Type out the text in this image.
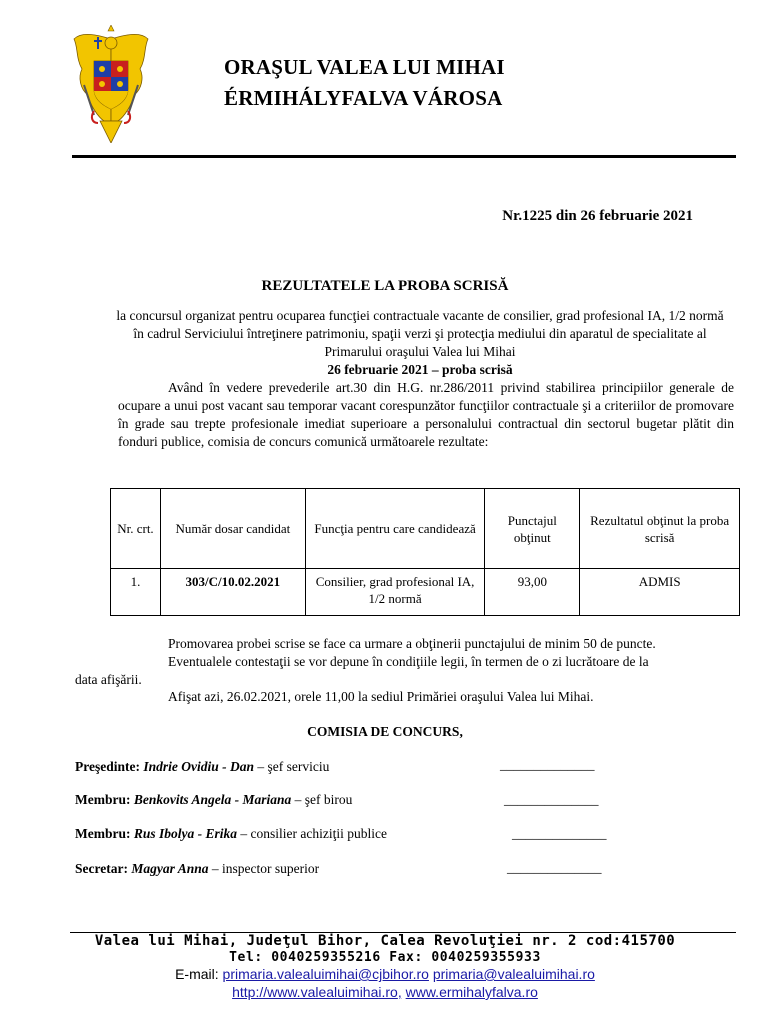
ORAŞUL VALEA LUI MIHAI
ÉRMIHÁLYFALVA VÁROSA
Nr.1225 din 26 februarie 2021
REZULTATELE LA PROBA SCRISĂ
la concursul organizat pentru ocuparea funcţiei contractuale vacante de consilier, grad profesional IA, 1/2 normă în cadrul Serviciului întreţinere patrimoniu, spaţii verzi şi protecţia mediului din aparatul de specialitate al Primarului oraşului Valea lui Mihai
26 februarie 2021 – proba scrisă
Având în vedere prevederile art.30 din H.G. nr.286/2011 privind stabilirea principiilor generale de ocupare a unui post vacant sau temporar vacant corespunzător funcţiilor contractuale şi a criteriilor de promovare în grade sau trepte profesionale imediat superioare a personalului contractual din sectorul bugetar plătit din fonduri publice, comisia de concurs comunică următoarele rezultate:
Nr. crt.	Număr dosar candidat	Funcţia pentru care candidează	Punctajul obţinut	Rezultatul obţinut la proba scrisă
1.	303/C/10.02.2021	Consilier, grad profesional IA, 1/2 normă	93,00	ADMIS
Promovarea probei scrise se face ca urmare a obţinerii punctajului de minim 50 de puncte.
Eventualele contestaţii se vor depune în condiţiile legii, în termen de o zi lucrătoare de la
data afişării.
Afişat azi, 26.02.2021, orele 11,00 la sediul Primăriei oraşului Valea lui Mihai.
COMISIA DE CONCURS,
Preşedinte: Indrie Ovidiu - Dan – şef serviciu	______________
Membru: Benkovits Angela - Mariana – şef birou	______________
Membru: Rus Ibolya - Erika – consilier achiziţii publice	______________
Secretar: Magyar Anna – inspector superior	______________
Valea lui Mihai, Judeţul Bihor, Calea Revoluţiei nr. 2 cod:415700
Tel: 0040259355216 Fax: 0040259355933
E-mail: primaria.valealuimihai@cjbihor.ro primaria@valealuimihai.ro
http://www.valealuimihai.ro, www.ermihalyfalva.ro
